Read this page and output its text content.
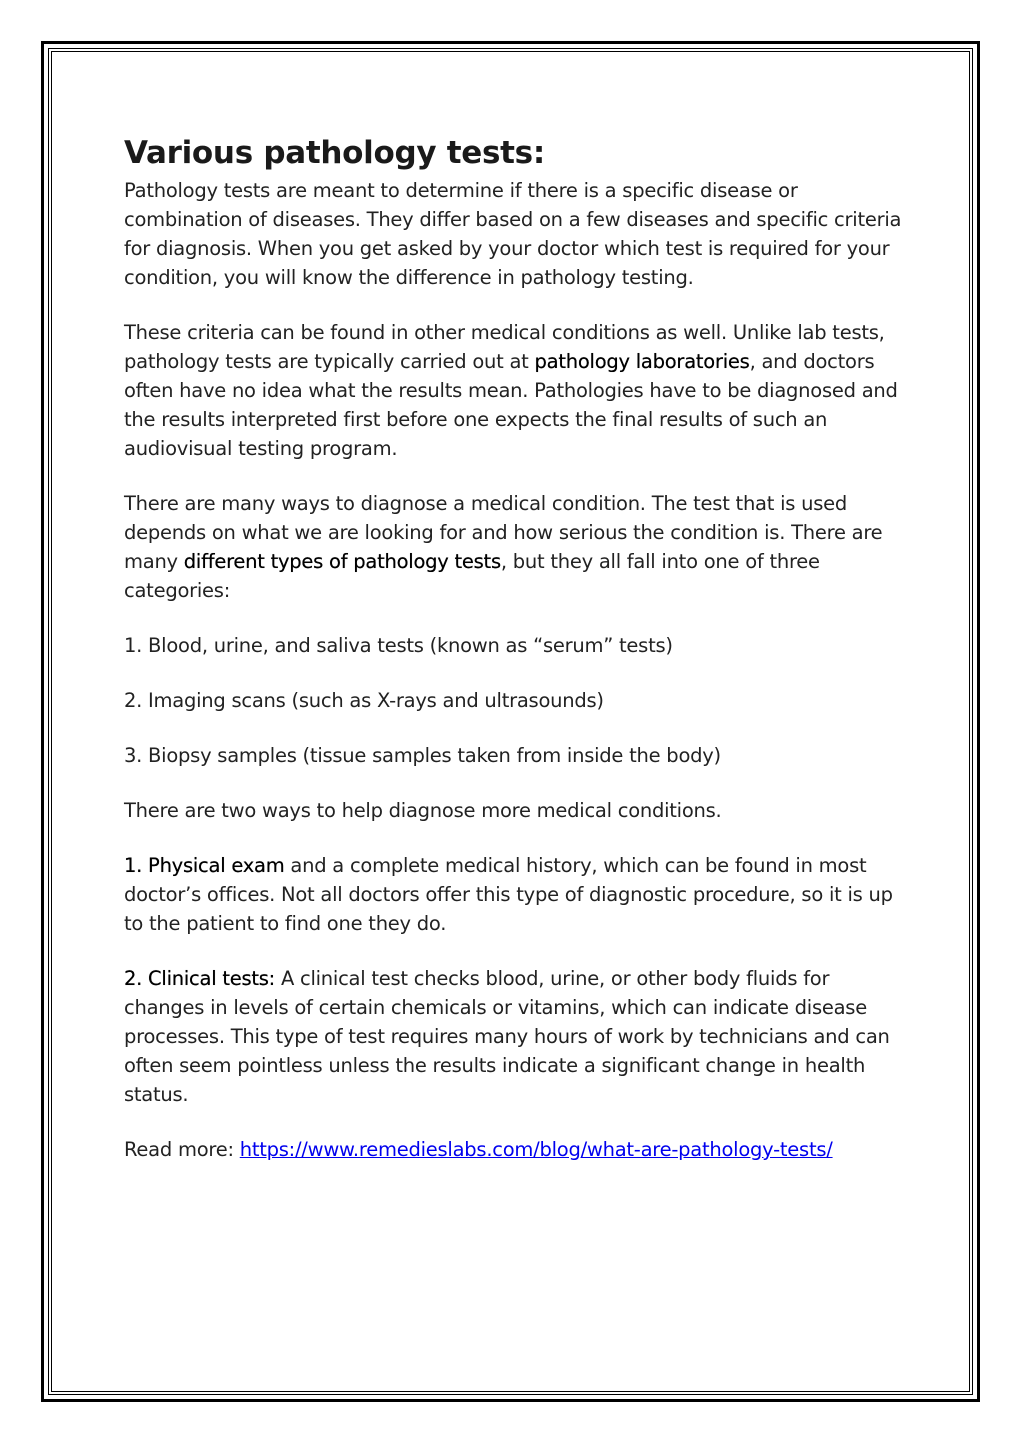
Various pathology tests:

Pathology tests are meant to determine if there is a specific disease or combination of diseases. They differ based on a few diseases and specific criteria for diagnosis. When you get asked by your doctor which test is required for your condition, you will know the difference in pathology testing.

These criteria can be found in other medical conditions as well. Unlike lab tests, pathology tests are typically carried out at pathology laboratories, and doctors often have no idea what the results mean. Pathologies have to be diagnosed and the results interpreted first before one expects the final results of such an audiovisual testing program.

There are many ways to diagnose a medical condition. The test that is used depends on what we are looking for and how serious the condition is. There are many different types of pathology tests, but they all fall into one of three categories:

1. Blood, urine, and saliva tests (known as “serum” tests)

2. Imaging scans (such as X-rays and ultrasounds)

3. Biopsy samples (tissue samples taken from inside the body)

There are two ways to help diagnose more medical conditions.

1. Physical exam and a complete medical history, which can be found in most doctor’s offices. Not all doctors offer this type of diagnostic procedure, so it is up to the patient to find one they do.

2. Clinical tests: A clinical test checks blood, urine, or other body fluids for changes in levels of certain chemicals or vitamins, which can indicate disease processes. This type of test requires many hours of work by technicians and can often seem pointless unless the results indicate a significant change in health status.

Read more: https://www.remedieslabs.com/blog/what-are-pathology-tests/
